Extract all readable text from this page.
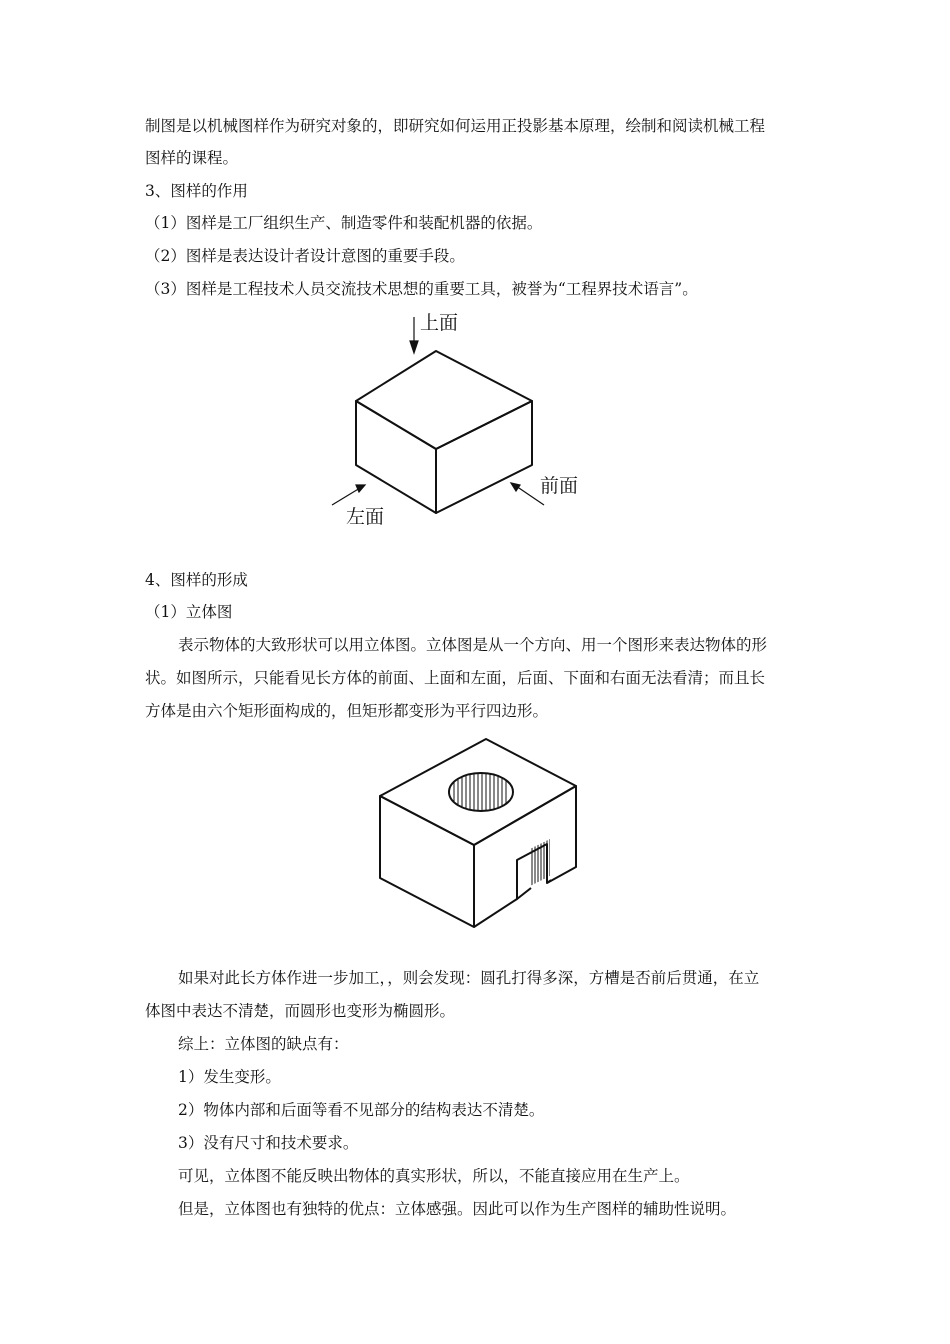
制图是以机械图样作为研究对象的，即研究如何运用正投影基本原理，绘制和阅读机械工程
图样的课程。
3、图样的作用
（1）图样是工厂组织生产、制造零件和装配机器的依据。
（2）图样是表达设计者设计意图的重要手段。
（3）图样是工程技术人员交流技术思想的重要工具，被誉为“工程界技术语言”。
上面
前面
左面
4、图样的形成
（1）立体图
表示物体的大致形状可以用立体图。立体图是从一个方向、用一个图形来表达物体的形
状。如图所示，只能看见长方体的前面、上面和左面，后面、下面和右面无法看清；而且长
方体是由六个矩形面构成的，但矩形都变形为平行四边形。
如果对此长方体作进一步加工，，则会发现：圆孔打得多深，方槽是否前后贯通，在立
体图中表达不清楚，而圆形也变形为椭圆形。
综上：立体图的缺点有：
1）发生变形。
2）物体内部和后面等看不见部分的结构表达不清楚。
3）没有尺寸和技术要求。
可见，立体图不能反映出物体的真实形状，所以，不能直接应用在生产上。
但是，立体图也有独特的优点：立体感强。因此可以作为生产图样的辅助性说明。
